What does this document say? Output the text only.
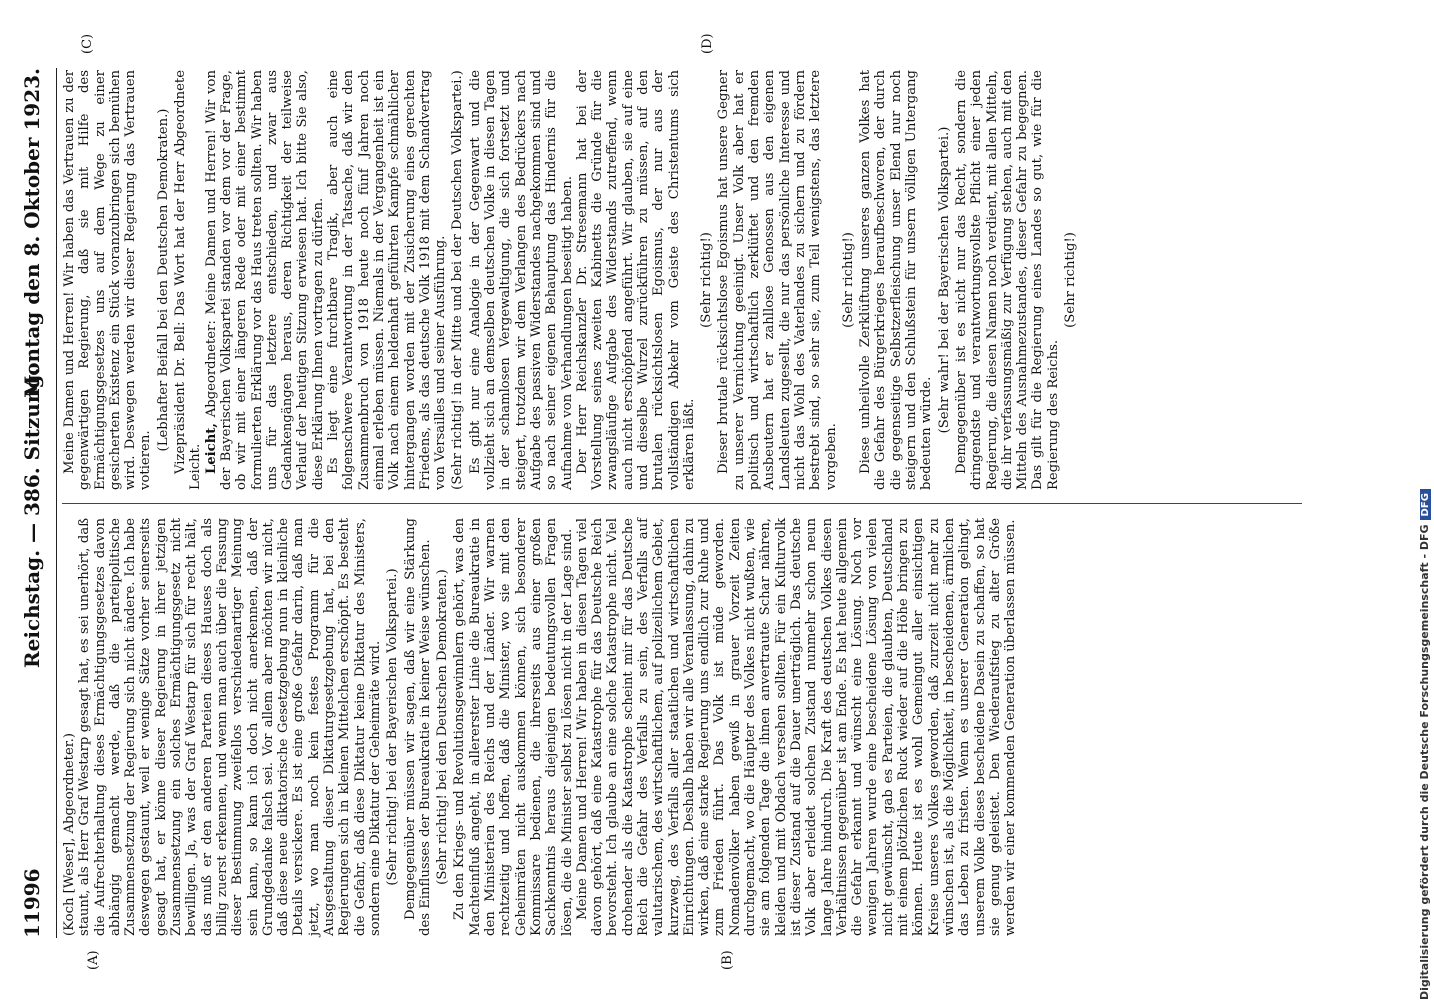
11996
Reichstag. — 386. Sitzung.
Montag den 8. Oktober 1923.
(A)	(B)
(C)	(D)

(Koch [Weser], Abgeordneter.) staunt, als Herr Graf Westarp gesagt hat, es sei unerhört, daß die Aufrechterhaltung dieses Ermächtigungsgesetzes davon abhängig gemacht werde, daß die parteipolitische Zusammensetzung der Regierung sich nicht ändere. Ich habe deswegen gestaunt, weil er wenige Sätze vorher seinerseits gesagt hat, er könne dieser Regierung in ihrer jetzigen Zusammensetzung ein solches Ermächtigungsgesetz nicht bewilligen. Ja, was der Graf Westarp für sich für recht hält, das muß er den anderen Parteien dieses Hauses doch als billig zuerst erkennen, und wenn man auch über die Fassung dieser Bestimmung zweifellos verschiedenartiger Meinung sein kann, so kann ich doch nicht anerkennen, daß der Grundgedanke falsch sei. Vor allem aber möchten wir nicht, daß diese neue diktatorische Gesetzgebung nun in kleinliche Details versickere. Es ist eine große Gefahr darin, daß man jetzt, wo man noch kein festes Programm für die Ausgestaltung dieser Diktaturgesetzgebung hat, bei den Regierungen sich in kleinen Mittelchen erschöpft. Es besteht die Gefahr, daß diese Diktatur keine Diktatur des Ministers, sondern eine Diktatur der Geheimräte wird. (Sehr richtig! bei der Bayerischen Volkspartei.) Demgegenüber müssen wir sagen, daß wir eine Stärkung des Einflusses der Bureaukratie in keiner Weise wünschen. (Sehr richtig! bei den Deutschen Demokraten.) Zu den Kriegs- und Revolutionsgewinnlern gehört, was den Machteinfluß angeht, in allererster Linie die Bureaukratie in den Ministerien des Reichs und der Länder. Wir warnen rechtzeitig und hoffen, daß die Minister, wo sie mit den Geheimräten nicht auskommen können, sich besonderer Kommissare bedienen, die ihrerseits aus einer großen Sachkenntnis heraus diejenigen bedeutungsvollen Fragen lösen, die die Minister selbst zu lösen nicht in der Lage sind. Meine Damen und Herren! Wir haben in diesen Tagen viel davon gehört, daß eine Katastrophe für das Deutsche Reich bevorsteht. Ich glaube an eine solche Katastrophe nicht. Viel drohender als die Katastrophe scheint mir für das Deutsche Reich die Gefahr des Verfalls zu sein, des Verfalls auf valutarischem, des wirtschaftlichem, auf polizeilichem Gebiet, kurzweg, des Verfalls aller staatlichen und wirtschaftlichen Einrichtungen. Deshalb haben wir alle Veranlassung, dahin zu wirken, daß eine starke Regierung uns endlich zur Ruhe und zum Frieden führt. Das Volk ist müde geworden. Nomadenvölker haben gewiß in grauer Vorzeit Zeiten durchgemacht, wo die Häupter des Volkes nicht wußten, wie sie am folgenden Tage die ihnen anvertraute Schar nähren, kleiden und mit Obdach versehen sollten. Für ein Kulturvolk ist dieser Zustand auf die Dauer unerträglich. Das deutsche Volk aber erleidet solchen Zustand nunmehr schon neun lange Jahre hindurch. Die Kraft des deutschen Volkes diesen Verhältnissen gegenüber ist am Ende. Es hat heute allgemein die Gefahr erkannt und wünscht eine Lösung. Noch vor wenigen Jahren wurde eine bescheidene Lösung von vielen nicht gewünscht, gab es Parteien, die glaubten, Deutschland mit einem plötzlichen Ruck wieder auf die Höhe bringen zu können. Heute ist es wohl Gemeingut aller einsichtigen Kreise unseres Volkes geworden, daß zurzeit nicht mehr zu wünschen ist, als die Möglichkeit, in bescheidenen, ärmlichen das Leben zu fristen. Wenn es unserer Generation gelingt, unserem Volke dieses bescheidene Dasein zu schaffen, so hat sie genug geleistet. Den Wiederaufstieg zu alter Größe werden wir einer kommenden Generation überlassen müssen.

Meine Damen und Herren! Wir haben das Vertrauen zu der gegenwärtigen Regierung, daß sie mit Hilfe des Ermächtigungsgesetzes uns auf dem Wege zu einer gesicherten Existenz ein Stück voranzubringen sich bemühen wird. Deswegen werden wir dieser Regierung das Vertrauen votieren.

(Lebhafter Beifall bei den Deutschen Demokraten.) Vizepräsident Dr. Bell: Das Wort hat der Herr Abgeordnete Leicht. Leicht, Abgeordneter: Meine Damen und Herren! Wir von der Bayerischen Volkspartei standen vor dem vor der Frage, ob wir mit einer längeren Rede oder mit einer bestimmt formulierten Erklärung vor das Haus treten sollten. Wir haben uns für das letztere entschieden, und zwar aus Gedankengängen heraus, deren Richtigkeit der teilweise Verlauf der heutigen Sitzung erwiesen hat. Ich bitte Sie also, diese Erklärung Ihnen vortragen zu dürfen. Es liegt eine furchtbare Tragik, aber auch eine folgenschwere Verantwortung in der Tatsache, daß wir den Zusammenbruch von 1918 heute noch fünf Jahren noch einmal erleben müssen. Niemals in der Vergangenheit ist ein Volk nach einem heldenhaft geführten Kampfe schmählicher hintergangen worden mit der Zusicherung eines gerechten Friedens, als das deutsche Volk 1918 mit dem Schandvertrag von Versailles und seiner Ausführung. (Sehr richtig! in der Mitte und bei der Deutschen Volkspartei.) Es gibt nur eine Analogie in der Gegenwart und die vollzieht sich an demselben deutschen Volke in diesen Tagen in der schamlosen Vergewaltigung, die sich fortsetzt und steigert, trotzdem wir dem Verlangen des Bedrückers nach Aufgabe des passiven Widerstandes nachgekommen sind und so nach seiner eigenen Behauptung das Hindernis für die Aufnahme von Verhandlungen beseitigt haben. Der Herr Reichskanzler Dr. Stresemann hat bei der Vorstellung seines zweiten Kabinetts die Gründe für die zwangsläufige Aufgabe des Widerstands zutreffend, wenn auch nicht erschöpfend angeführt. Wir glauben, sie auf eine und dieselbe Wurzel zurückführen zu müssen, auf den brutalen rücksichtslosen Egoismus, der nur aus der vollständigen Abkehr vom Geiste des Christentums sich erklären läßt.

(Sehr richtig!) Dieser brutale rücksichtslose Egoismus hat unsere Gegner zu unserer Vernichtung geeinigt. Unser Volk aber hat er politisch und wirtschaftlich zerklüftet und den fremden Ausbeutern hat er zahllose Genossen aus den eigenen Landsleuten zugesellt, die nur das persönliche Interesse und nicht das Wohl des Vaterlandes zu sichern und zu fördern bestrebt sind, so sehr sie, zum Teil wenigstens, das letztere vorgeben.

(Sehr richtig!) Diese unheilvolle Zerklüftung unseres ganzen Volkes hat die Gefahr des Bürgerkrieges heraufbeschworen, der durch die gegenseitige Selbstzerfleischung unser Elend nur noch steigern und den Schlußstein für unsern völligen Untergang bedeuten würde. (Sehr wahr! bei der Bayerischen Volkspartei.) Demgegenüber ist es nicht nur das Recht, sondern die dringendste und verantwortungsvollste Pflicht einer jeden Regierung, die diesen Namen noch verdient, mit allen Mitteln, die ihr verfassungsmäßig zur Verfügung stehen, auch mit den Mitteln des Ausnahmezustandes, dieser Gefahr zu begegnen. Das gilt für die Regierung eines Landes so gut, wie für die Regierung des Reichs.

(Sehr richtig!)

Digitalisierung gefördert durch die Deutsche Forschungsgemeinschaft - DFGDFG
